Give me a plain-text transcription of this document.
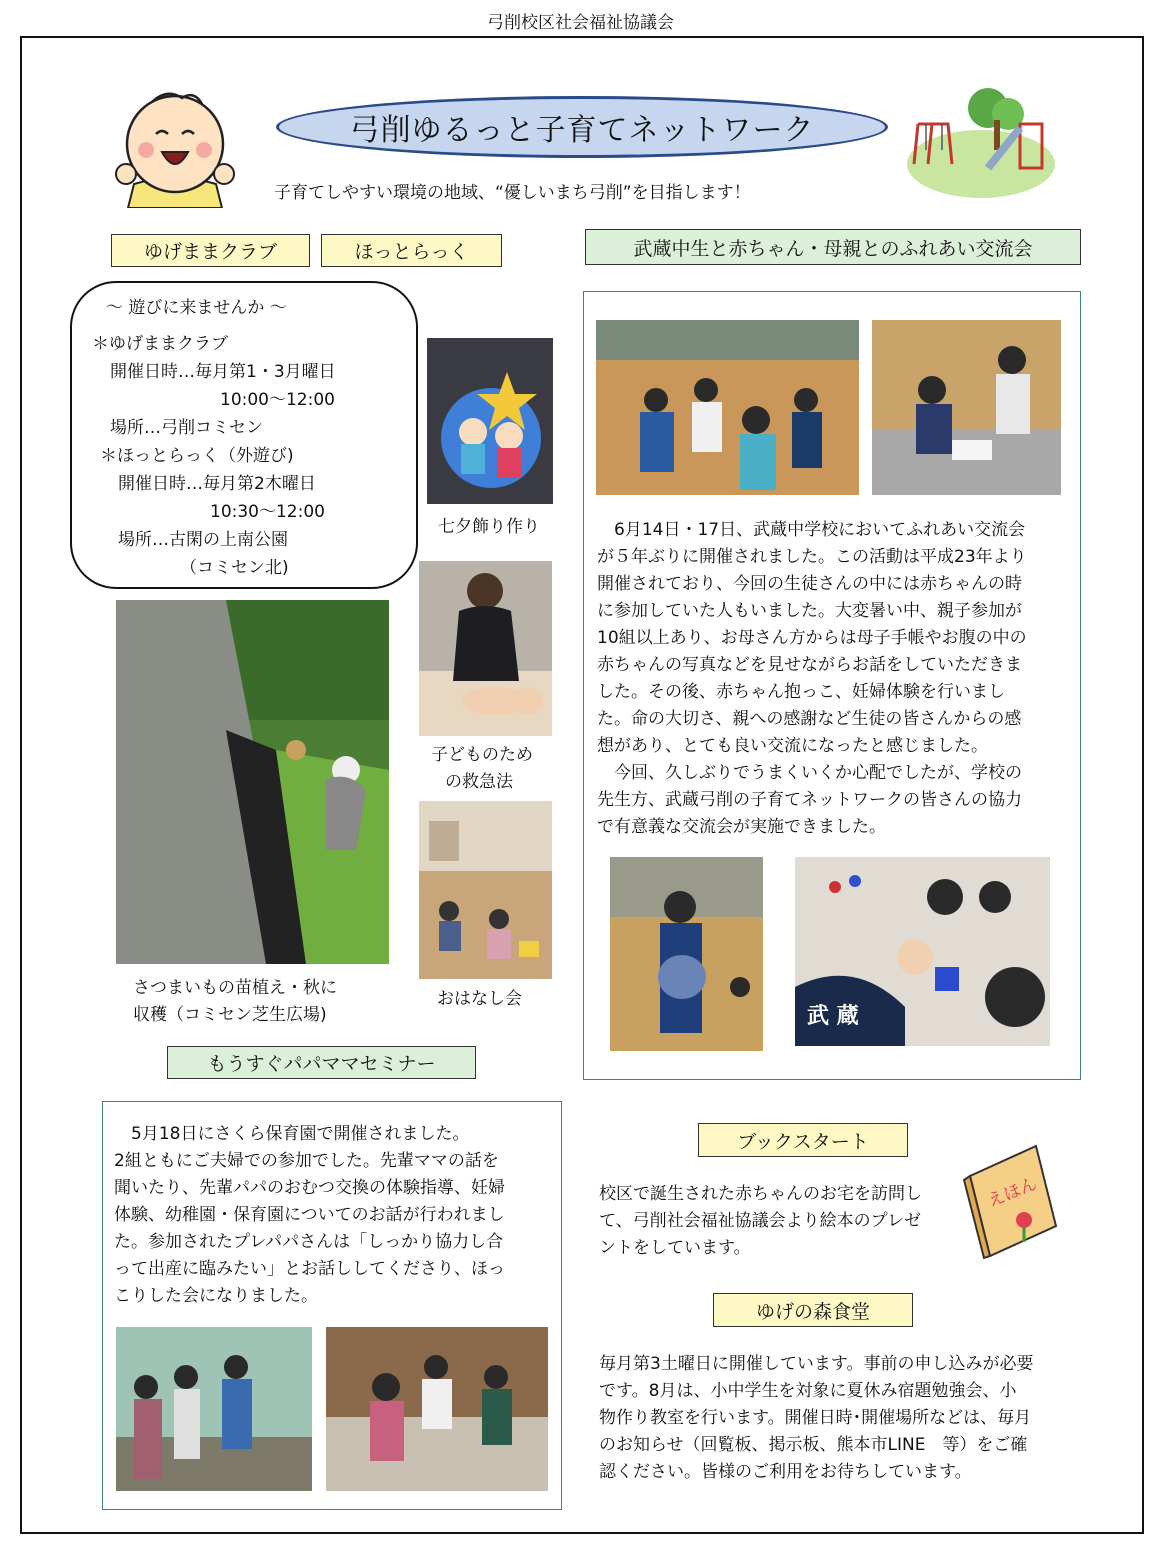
弓削校区社会福祉協議会
弓削ゆるっと子育てネットワーク
子育てしやすい環境の地域、“優しいまち弓削”を目指します！
ゆげままクラブ	ほっとらっく
～ 遊びに来ませんか ～
＊ゆげままクラブ
開催日時…毎月第1・3月曜日
10:00～12:00
場所…弓削コミセン
＊ほっとらっく（外遊び)
開催日時…毎月第2木曜日
10:30～12:00
場所…古閑の上南公園
（コミセン北)
七夕飾り作り
子どものため
の救急法
さつまいもの苗植え・秋に
収穫（コミセン芝生広場)
おはなし会
もうすぐパパママセミナー
　5月18日にさくら保育園で開催されました。
2組ともにご夫婦での参加でした。先輩ママの話を
聞いたり、先輩パパのおむつ交換の体験指導、妊婦
体験、幼稚園・保育園についてのお話が行われまし
た。参加されたプレパパさんは「しっかり協力し合
って出産に臨みたい」とお話ししてくださり、ほっ
こりした会になりました。
武蔵中生と赤ちゃん・母親とのふれあい交流会
　6月14日・17日、武蔵中学校においてふれあい交流会
が５年ぶりに開催されました。この活動は平成23年より
開催されており、今回の生徒さんの中には赤ちゃんの時
に参加していた人もいました。大変暑い中、親子参加が
10組以上あり、お母さん方からは母子手帳やお腹の中の
赤ちゃんの写真などを見せながらお話をしていただきま
した。その後、赤ちゃん抱っこ、妊婦体験を行いまし
た。命の大切さ、親への感謝など生徒の皆さんからの感
想があり、とても良い交流になったと感じました。
　今回、久しぶりでうまくいくか心配でしたが、学校の
先生方、武蔵弓削の子育てネットワークの皆さんの協力
で有意義な交流会が実施できました。
武 蔵
ブックスタート
校区で誕生された赤ちゃんのお宅を訪問し
て、弓削社会福祉協議会より絵本のプレゼ
ントをしています。
えほん
ゆげの森食堂
毎月第3土曜日に開催しています。事前の申し込みが必要
です。8月は、小中学生を対象に夏休み宿題勉強会、小
物作り教室を行います。開催日時･開催場所などは、毎月
のお知らせ（回覧板、掲示板、熊本市LINE　等）をご確
認ください。皆様のご利用をお待ちしています。
